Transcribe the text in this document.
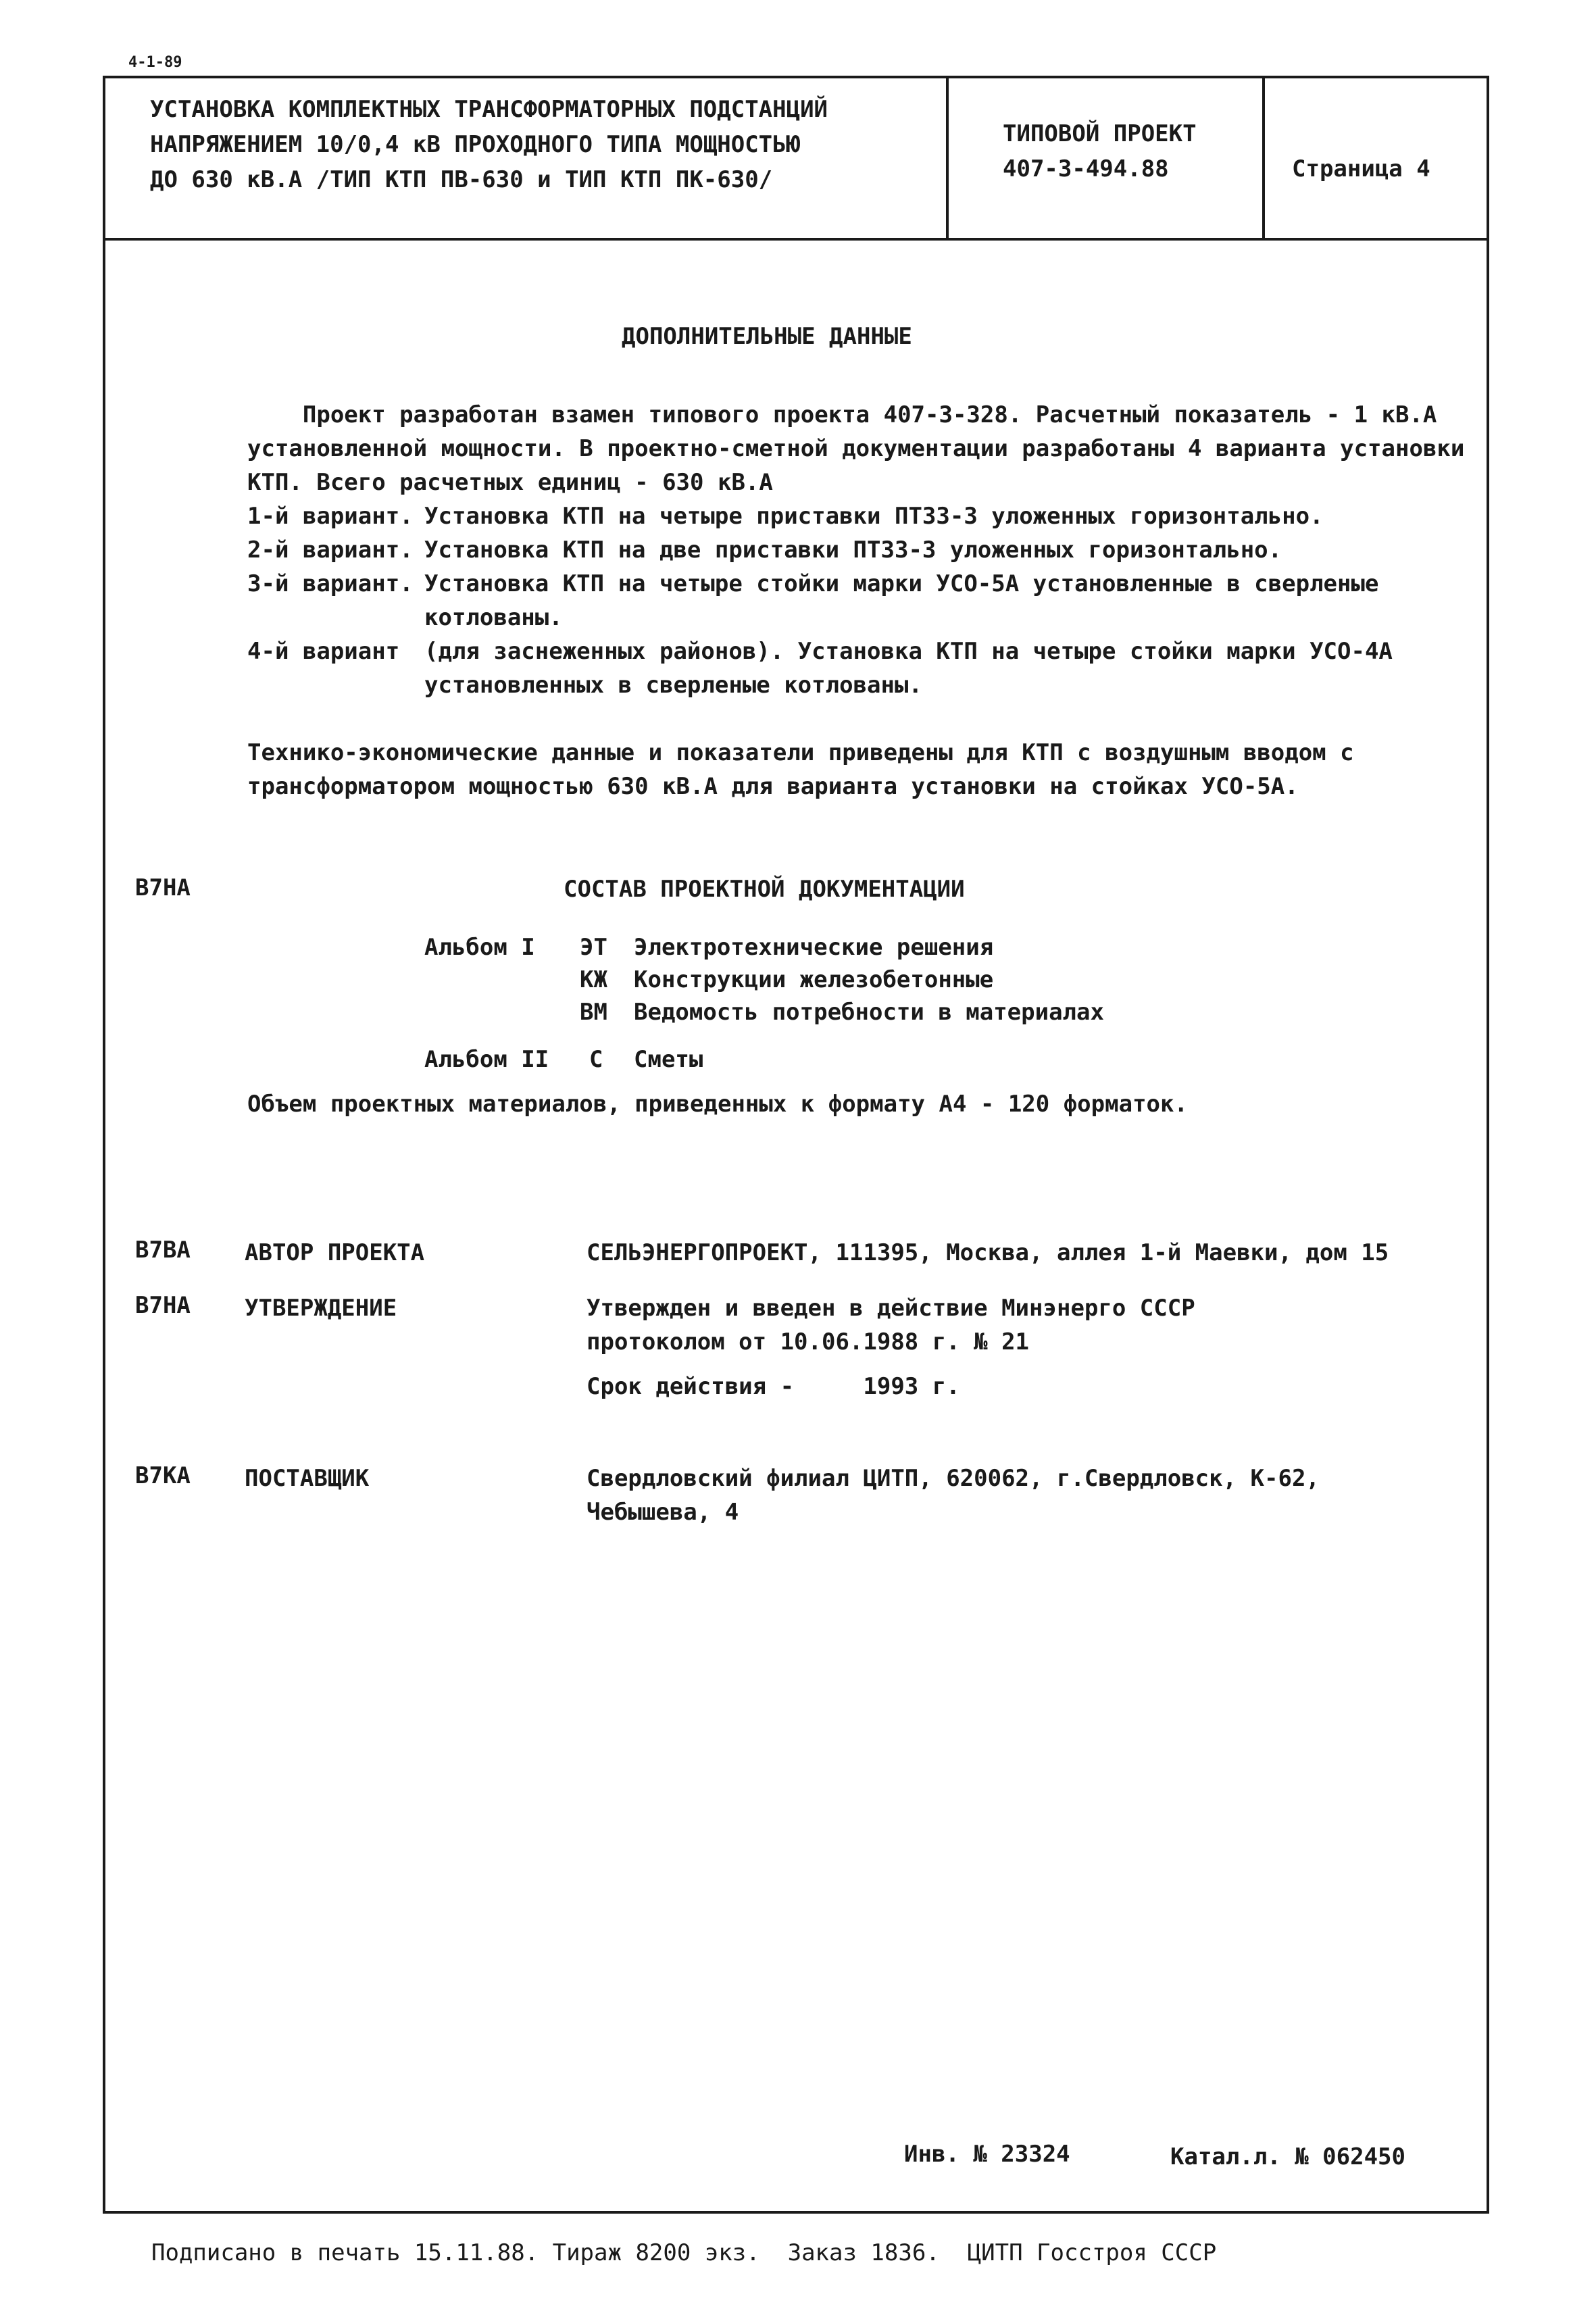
4-1-89
УСТАНОВКА КОМПЛЕКТНЫХ ТРАНСФОРМАТОРНЫХ ПОДСТАНЦИЙ
НАПРЯЖЕНИЕМ 10/0,4 кВ ПРОХОДНОГО ТИПА МОЩНОСТЬЮ
ДО 630 кВ.А /ТИП КТП ПВ-630 и ТИП КТП ПК-630/
ТИПОВОЙ ПРОЕКТ
407-3-494.88	Страница 4
ДОПОЛНИТЕЛЬНЫЕ ДАННЫЕ
Проект разработан взамен типового проекта 407-3-328. Расчетный показатель - 1 кВ.А
установленной мощности. В проектно-сметной документации разработаны 4 варианта установки
КТП. Всего расчетных единиц - 630 кВ.А
1-й вариант. Установка КТП на четыре приставки ПТ33-3 уложенных горизонтально.
2-й вариант. Установка КТП на две приставки ПТ33-3 уложенных горизонтально.
3-й вариант. Установка КТП на четыре стойки марки УСО-5А установленные в сверленые
котлованы.
4-й вариант (для заснеженных районов). Установка КТП на четыре стойки марки УСО-4А
установленных в сверленые котлованы.
Технико-экономические данные и показатели приведены для КТП с воздушным вводом с
трансформатором мощностью 630 кВ.А для варианта установки на стойках УСО-5А.
В7НА	СОСТАВ ПРОЕКТНОЙ ДОКУМЕНТАЦИИ
Альбом I ЭТ Электротехнические решения
КЖ Конструкции железобетонные
ВМ Ведомость потребности в материалах
Альбом II С Сметы
Объем проектных материалов, приведенных к формату А4 - 120 форматок.
В7ВА АВТОР ПРОЕКТА	СЕЛЬЭНЕРГОПРОЕКТ, 111395, Москва, аллея 1-й Маевки, дом 15
В7НА УТВЕРЖДЕНИЕ	Утвержден и введен в действие Минэнерго СССР
протоколом от 10.06.1988 г. № 21
Срок действия -     1993 г.
В7КА ПОСТАВЩИК	Свердловский филиал ЦИТП, 620062, г.Свердловск, К-62,
Чебышева, 4
Инв. № 23324	Катал.л. № 062450
Подписано в печать 15.11.88. Тираж 8200 экз.  Заказ 1836.  ЦИТП Госстроя СССР
